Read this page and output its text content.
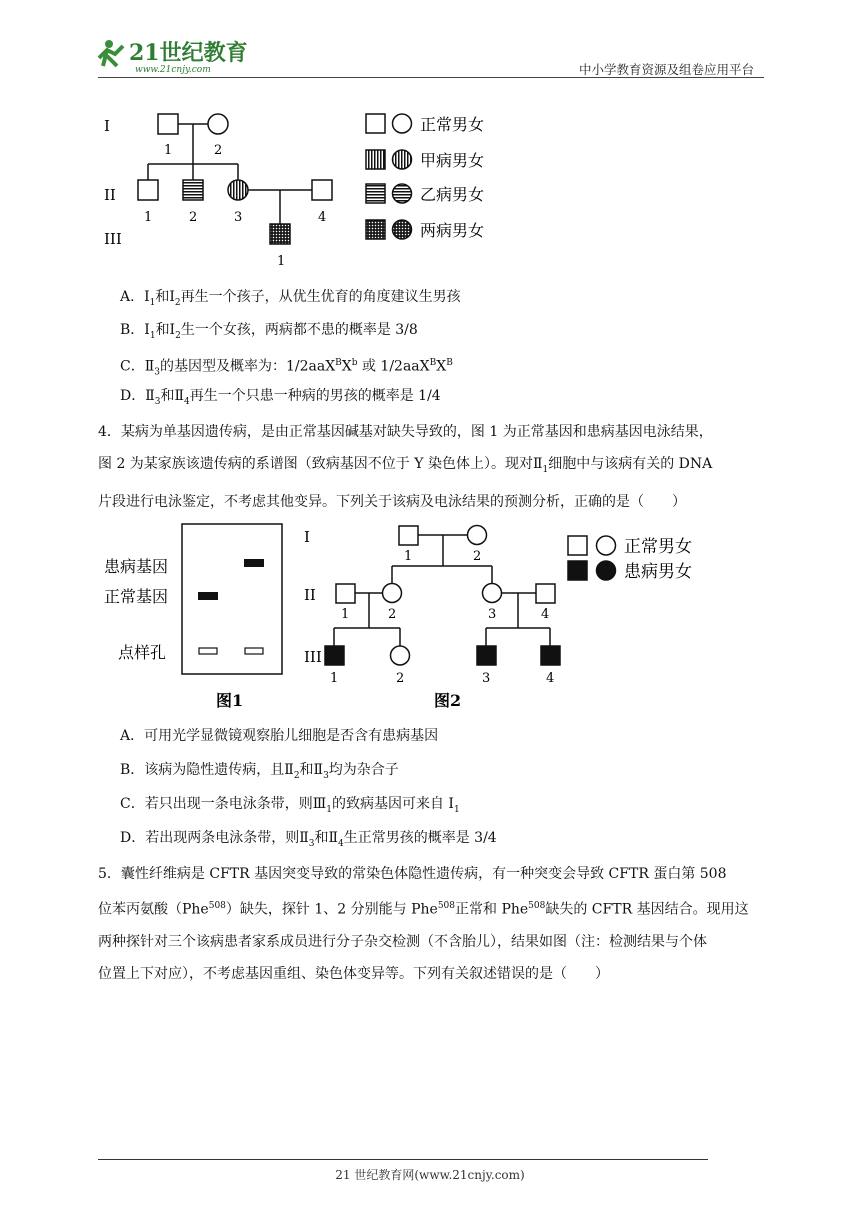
21世纪教育
www.21cnjy.com	中小学教育资源及组卷应用平台
I
II
III
1	2
1	2	3	4
1
正常男女
甲病男女
乙病男女
两病男女
A．$Ⅰ_1$和$Ⅰ_2$再生一个孩子，从优生优育的角度建议生男孩
B．$Ⅰ_1$和$Ⅰ_2$生一个女孩，两病都不患的概率是 3/8
C．$Ⅱ_3$的基因型及概率为：$1/2aaX^BX^b$ 或 $1/2aaX^BX^B$
D．$Ⅱ_3$和$Ⅱ_4$再生一个只患一种病的男孩的概率是 1/4
4．某病为单基因遗传病，是由正常基因碱基对缺失导致的，图 1 为正常基因和患病基因电泳结果，
图 2 为某家族该遗传病的系谱图（致病基因不位于 Y 染色体上）。现对$Ⅱ_1$细胞中与该病有关的 DNA
片段进行电泳鉴定，不考虑其他变异。下列关于该病及电泳结果的预测分析，正确的是（　　）
患病基因
正常基因
点样孔
图1
I
II
III
1	2
1	2	3	4
1	2	3	4
图2
正常男女
患病男女
A．可用光学显微镜观察胎儿细胞是否含有患病基因
B．该病为隐性遗传病，且$Ⅱ_2$和$Ⅱ_3$均为杂合子
C．若只出现一条电泳条带，则$Ⅲ_1$的致病基因可来自 $I_1$
D．若出现两条电泳条带，则$Ⅱ_3$和$Ⅱ_4$生正常男孩的概率是 3/4
5．囊性纤维病是 CFTR 基因突变导致的常染色体隐性遗传病，有一种突变会导致 CFTR 蛋白第 508
位苯丙氨酸（Phe$^{508}$）缺失，探针 1、2 分别能与 Phe$^{508}$正常和 Phe$^{508}$缺失的 CFTR 基因结合。现用这
两种探针对三个该病患者家系成员进行分子杂交检测（不含胎儿），结果如图（注：检测结果与个体
位置上下对应），不考虑基因重组、染色体变异等。下列有关叙述错误的是（　　）
21 世纪教育网(www.21cnjy.com)
